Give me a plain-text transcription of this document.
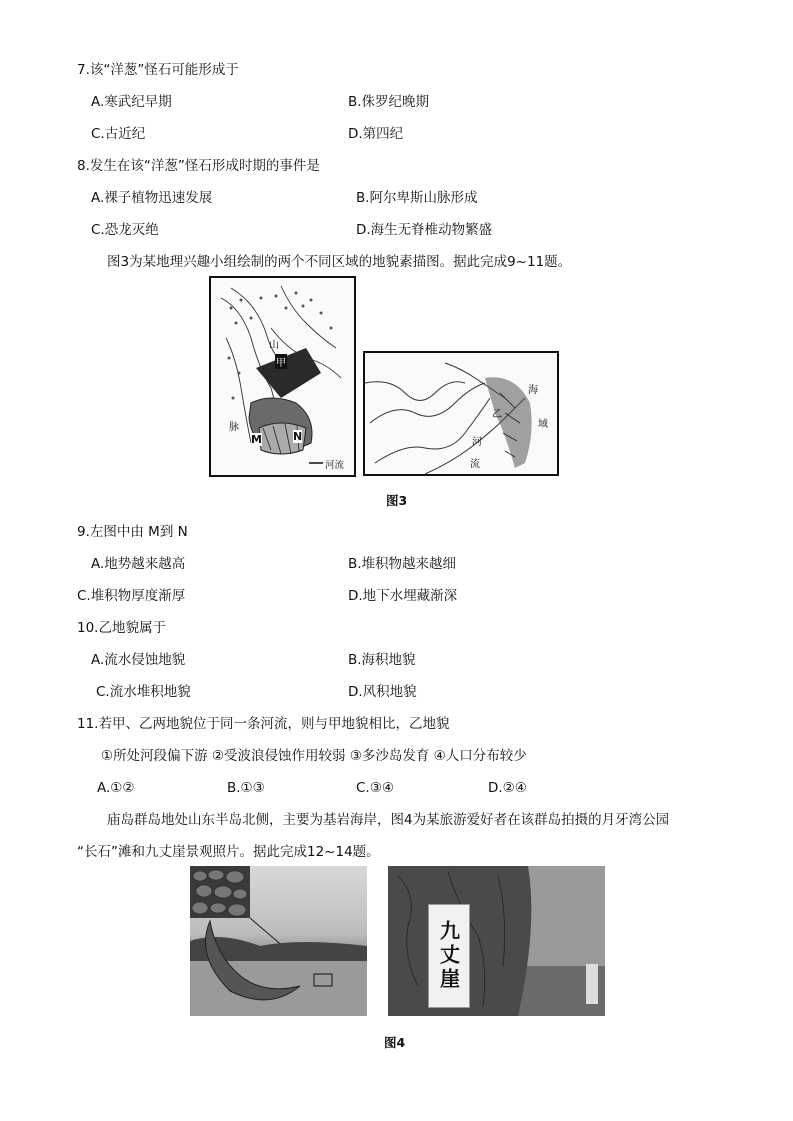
7.该“洋葱”怪石可能形成于
A.寒武纪早期	B.侏罗纪晚期
C.古近纪	D.第四纪
8.发生在该“洋葱”怪石形成时期的事件是
A.裸子植物迅速发展	B.阿尔卑斯山脉形成
C.恐龙灭绝	D.海生无脊椎动物繁盛
图3为某地理兴趣小组绘制的两个不同区域的地貌素描图。据此完成9~11题。
山
甲
脉
M	N
河流
海
乙
域
河
流
图3
9.左图中由 M到 N
A.地势越来越高	B.堆积物越来越细
C.堆积物厚度渐厚	D.地下水埋藏渐深
10.乙地貌属于
A.流水侵蚀地貌	B.海积地貌
C.流水堆积地貌	D.风积地貌
11.若甲、乙两地貌位于同一条河流，则与甲地貌相比，乙地貌
①所处河段偏下游 ②受波浪侵蚀作用较弱 ③多沙岛发育 ④人口分布较少
A.①②	B.①③	C.③④	D.②④
庙岛群岛地处山东半岛北侧，主要为基岩海岸，图4为某旅游爱好者在该群岛拍摄的月牙湾公园
“长石”滩和九丈崖景观照片。据此完成12~14题。
九丈崖
图4
